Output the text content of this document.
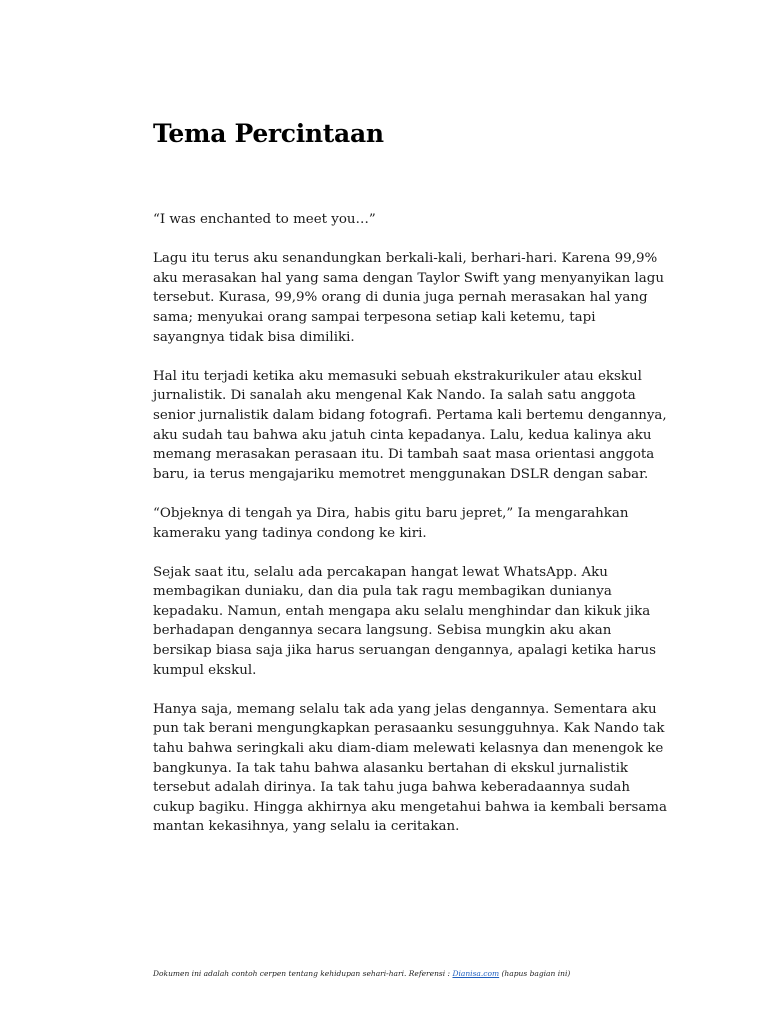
Tema Percintaan

“I was enchanted to meet you…”

Lagu itu terus aku senandungkan berkali-kali, berhari-hari. Karena 99,9%
aku merasakan hal yang sama dengan Taylor Swift yang menyanyikan lagu
tersebut. Kurasa, 99,9% orang di dunia juga pernah merasakan hal yang
sama; menyukai orang sampai terpesona setiap kali ketemu, tapi
sayangnya tidak bisa dimiliki.

Hal itu terjadi ketika aku memasuki sebuah ekstrakurikuler atau ekskul
jurnalistik. Di sanalah aku mengenal Kak Nando. Ia salah satu anggota
senior jurnalistik dalam bidang fotografi. Pertama kali bertemu dengannya,
aku sudah tau bahwa aku jatuh cinta kepadanya. Lalu, kedua kalinya aku
memang merasakan perasaan itu. Di tambah saat masa orientasi anggota
baru, ia terus mengajariku memotret menggunakan DSLR dengan sabar.

“Objeknya di tengah ya Dira, habis gitu baru jepret,” Ia mengarahkan
kameraku yang tadinya condong ke kiri.

Sejak saat itu, selalu ada percakapan hangat lewat WhatsApp. Aku
membagikan duniaku, dan dia pula tak ragu membagikan dunianya
kepadaku. Namun, entah mengapa aku selalu menghindar dan kikuk jika
berhadapan dengannya secara langsung. Sebisa mungkin aku akan
bersikap biasa saja jika harus seruangan dengannya, apalagi ketika harus
kumpul ekskul.

Hanya saja, memang selalu tak ada yang jelas dengannya. Sementara aku
pun tak berani mengungkapkan perasaanku sesungguhnya. Kak Nando tak
tahu bahwa seringkali aku diam-diam melewati kelasnya dan menengok ke
bangkunya. Ia tak tahu bahwa alasanku bertahan di ekskul jurnalistik
tersebut adalah dirinya. Ia tak tahu juga bahwa keberadaannya sudah
cukup bagiku. Hingga akhirnya aku mengetahui bahwa ia kembali bersama
mantan kekasihnya, yang selalu ia ceritakan.

Dokumen ini adalah contoh cerpen tentang kehidupan sehari-hari. Referensi : Dianisa.com (hapus bagian ini)
